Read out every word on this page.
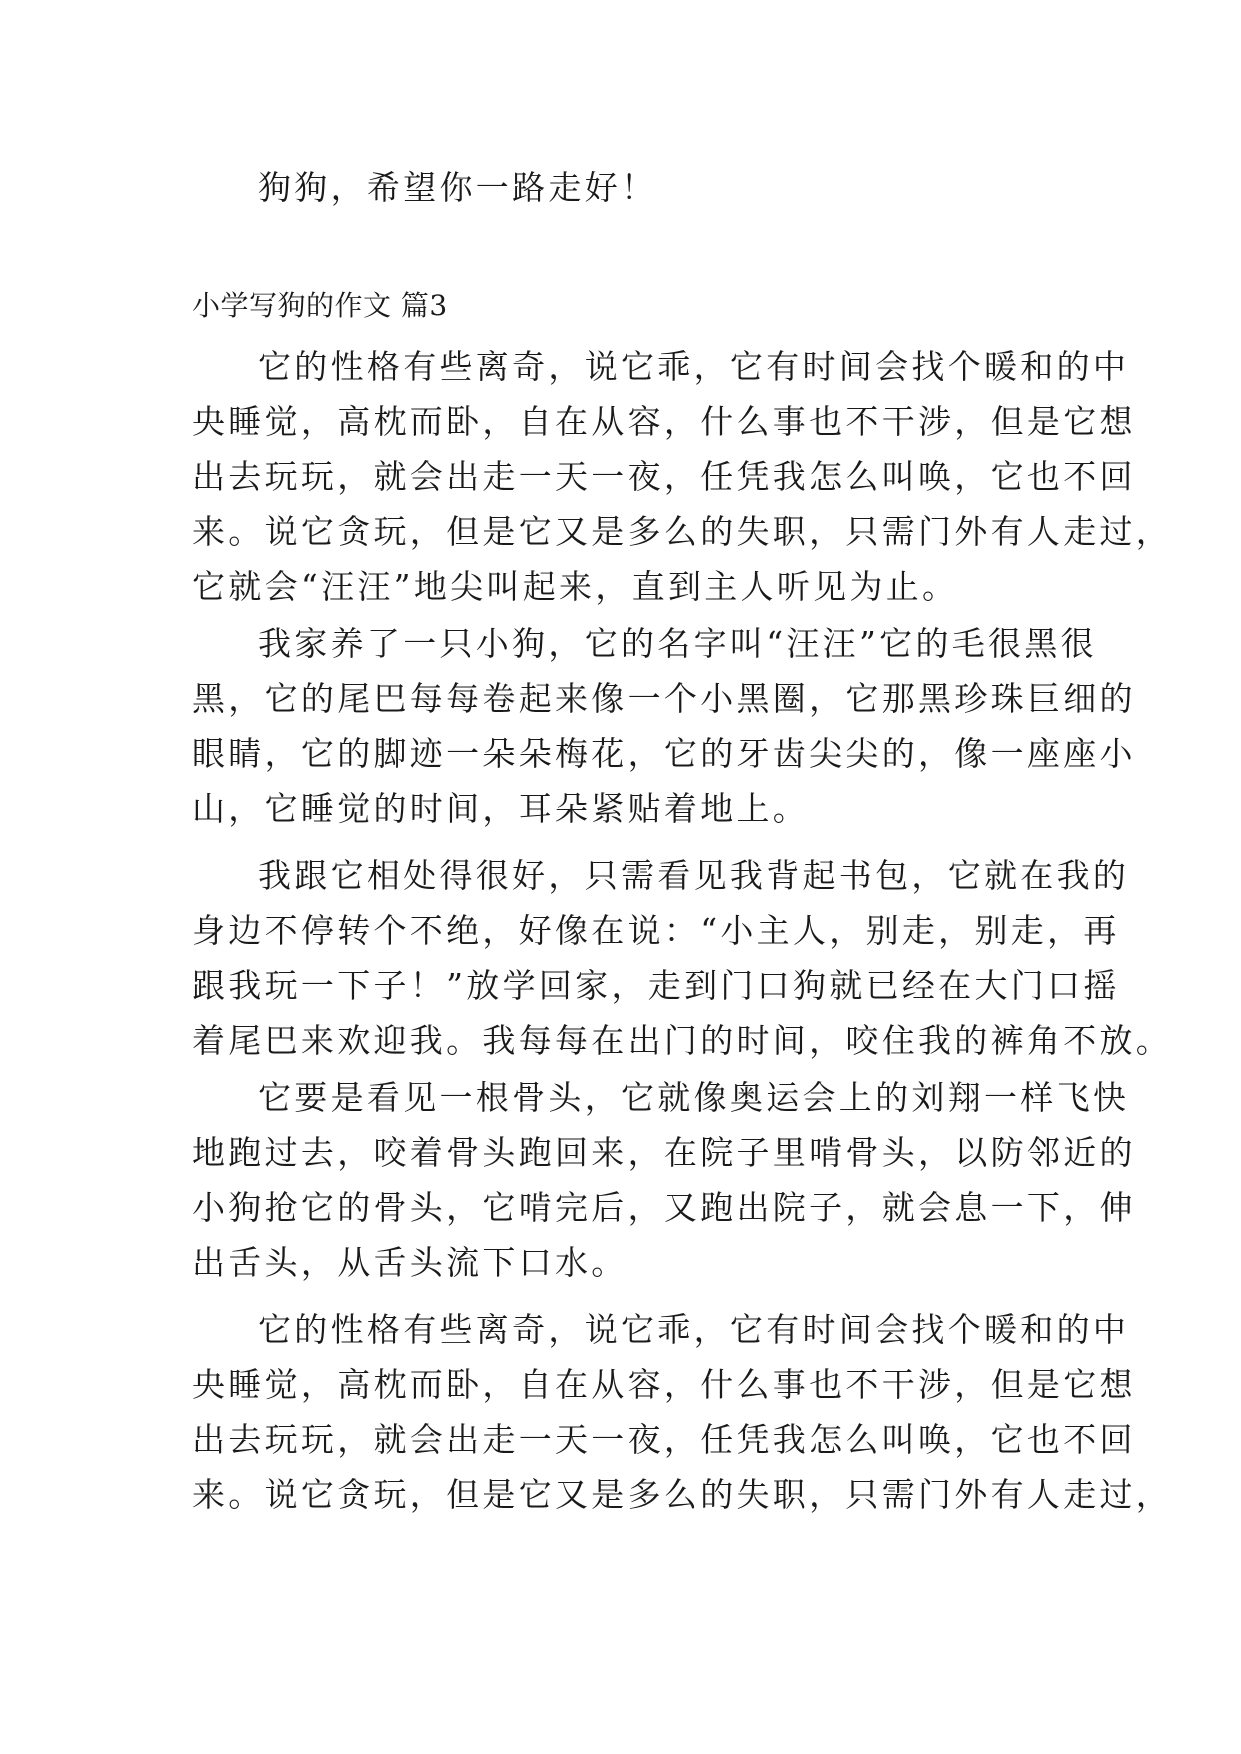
狗狗，希望你一路走好！
小学写狗的作文 篇3
它的性格有些离奇，说它乖，它有时间会找个暖和的中
央睡觉，高枕而卧，自在从容，什么事也不干涉，但是它想
出去玩玩，就会出走一天一夜，任凭我怎么叫唤，它也不回
来。说它贪玩，但是它又是多么的失职，只需门外有人走过，
它就会“汪汪”地尖叫起来，直到主人听见为止。
我家养了一只小狗，它的名字叫“汪汪”它的毛很黑很
黑，它的尾巴每每卷起来像一个小黑圈，它那黑珍珠巨细的
眼睛，它的脚迹一朵朵梅花，它的牙齿尖尖的，像一座座小
山，它睡觉的时间，耳朵紧贴着地上。
我跟它相处得很好，只需看见我背起书包，它就在我的
身边不停转个不绝，好像在说：“小主人，别走，别走，再
跟我玩一下子！”放学回家，走到门口狗就已经在大门口摇
着尾巴来欢迎我。我每每在出门的时间，咬住我的裤角不放。
它要是看见一根骨头，它就像奥运会上的刘翔一样飞快
地跑过去，咬着骨头跑回来，在院子里啃骨头，以防邻近的
小狗抢它的骨头，它啃完后，又跑出院子，就会息一下，伸
出舌头，从舌头流下口水。
它的性格有些离奇，说它乖，它有时间会找个暖和的中
央睡觉，高枕而卧，自在从容，什么事也不干涉，但是它想
出去玩玩，就会出走一天一夜，任凭我怎么叫唤，它也不回
来。说它贪玩，但是它又是多么的失职，只需门外有人走过，
